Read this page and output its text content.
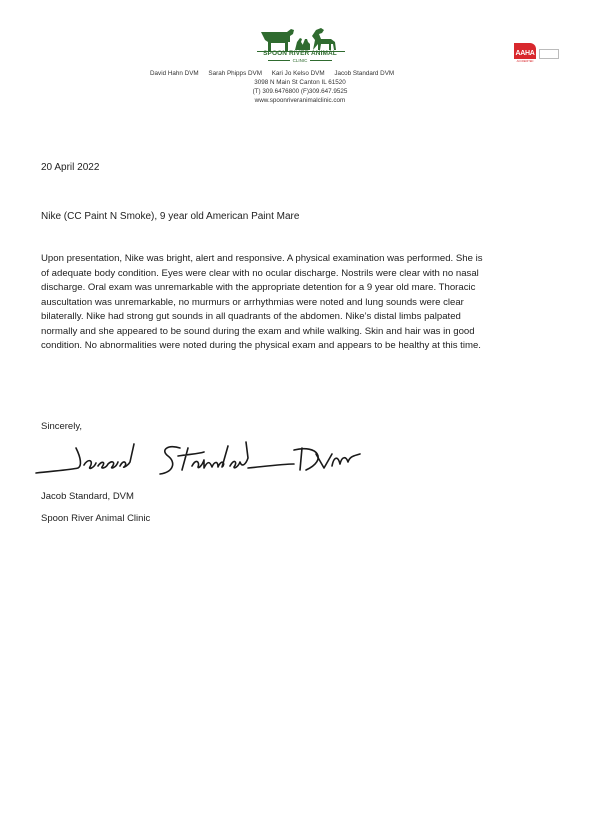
SPOON RIVER ANIMAL
CLINIC
David Hahn DVM Sarah Phipps DVM Kari Jo Kelso DVM Jacob Standard DVM
3098 N Main St Canton IL 61520
(T) 309.6476800 (F)309.647.9525
www.spoonriveranimalclinic.com
AAHA
ACCREDITED
20 April 2022
Nike (CC Paint N Smoke), 9 year old American Paint Mare
Upon presentation, Nike was bright, alert and responsive. A physical examination was performed. She is
of adequate body condition. Eyes were clear with no ocular discharge. Nostrils were clear with no nasal
discharge. Oral exam was unremarkable with the appropriate detention for a 9 year old mare. Thoracic
auscultation was unremarkable, no murmurs or arrhythmias were noted and lung sounds were clear
bilaterally. Nike had strong gut sounds in all quadrants of the abdomen. Nike’s distal limbs palpated
normally and she appeared to be sound during the exam and while walking. Skin and hair was in good
condition. No abnormalities were noted during the physical exam and appears to be healthy at this time.
Sincerely,
Jacob Standard, DVM
Spoon River Animal Clinic
